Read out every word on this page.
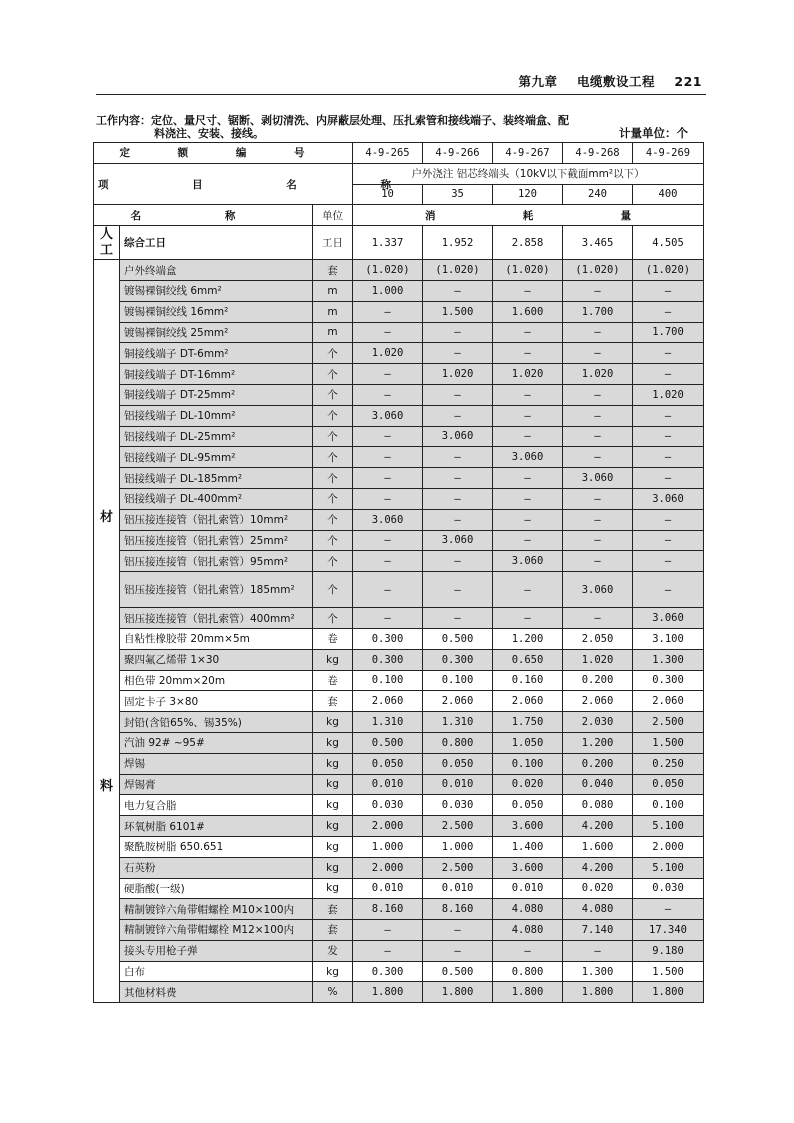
第九章 电缆敷设工程 221
工作内容：定位、量尺寸、锯断、剥切清洗、内屏蔽层处理、压扎索管和接线端子、装终端盒、配
料浇注、安装、接线。	计量单位：个
定 额 编 号			4-9-265	4-9-266	4-9-267	4-9-268	4-9-269
项 目 名 称			户外浇注 铝芯终端头（10kV以下截面mm²以下）				
			10	35	120	240	400
名 称		单位	消 耗 量				
人工	综合工日	工日	1.337	1.952	2.858	3.465	4.505

材
料	户外终端盒	套	(1.020)	(1.020)	(1.020)	(1.020)	(1.020)
	镀锡裸铜绞线 6mm²	m	1.000	—	—	—	—
	镀锡裸铜绞线 16mm²	m	—	1.500	1.600	1.700	—
	镀锡裸铜绞线 25mm²	m	—	—	—	—	1.700
	铜接线端子 DT-6mm²	个	1.020	—	—	—	—
	铜接线端子 DT-16mm²	个	—	1.020	1.020	1.020	—
	铜接线端子 DT-25mm²	个	—	—	—	—	1.020
	铝接线端子 DL-10mm²	个	3.060	—	—	—	—
	铝接线端子 DL-25mm²	个	—	3.060	—	—	—
	铝接线端子 DL-95mm²	个	—	—	3.060	—	—
	铝接线端子 DL-185mm²	个	—	—	—	3.060	—
	铝接线端子 DL-400mm²	个	—	—	—	—	3.060
	铝压接连接管（铝扎索管）10mm²	个	3.060	—	—	—	—
	铝压接连接管（铝扎索管）25mm²	个	—	3.060	—	—	—
	铝压接连接管（铝扎索管）95mm²	个	—	—	3.060	—	—
	铝压接连接管（铝扎索管）185mm²	个	—	—	—	3.060	—
	铝压接连接管（铝扎索管）400mm²	个	—	—	—	—	3.060
	自粘性橡胶带 20mm×5m	卷	0.300	0.500	1.200	2.050	3.100
	聚四氟乙烯带 1×30	kg	0.300	0.300	0.650	1.020	1.300
	相色带 20mm×20m	卷	0.100	0.100	0.160	0.200	0.300
	固定卡子 3×80	套	2.060	2.060	2.060	2.060	2.060
	封铅(含铅65%、锡35%)	kg	1.310	1.310	1.750	2.030	2.500
	汽油 92# ~95#	kg	0.500	0.800	1.050	1.200	1.500
	焊锡	kg	0.050	0.050	0.100	0.200	0.250
	焊锡膏	kg	0.010	0.010	0.020	0.040	0.050
	电力复合脂	kg	0.030	0.030	0.050	0.080	0.100
	环氧树脂 6101#	kg	2.000	2.500	3.600	4.200	5.100
	聚酰胺树脂 650.651	kg	1.000	1.000	1.400	1.600	2.000
	石英粉	kg	2.000	2.500	3.600	4.200	5.100
	硬脂酸(一级)	kg	0.010	0.010	0.010	0.020	0.030
	精制镀锌六角带帽螺栓 M10×100内	套	8.160	8.160	4.080	4.080	—
	精制镀锌六角带帽螺栓 M12×100内	套	—	—	4.080	7.140	17.340
	接头专用枪子弹	发	—	—	—	—	9.180
	白布	kg	0.300	0.500	0.800	1.300	1.500
	其他材料费	%	1.800	1.800	1.800	1.800	1.800
